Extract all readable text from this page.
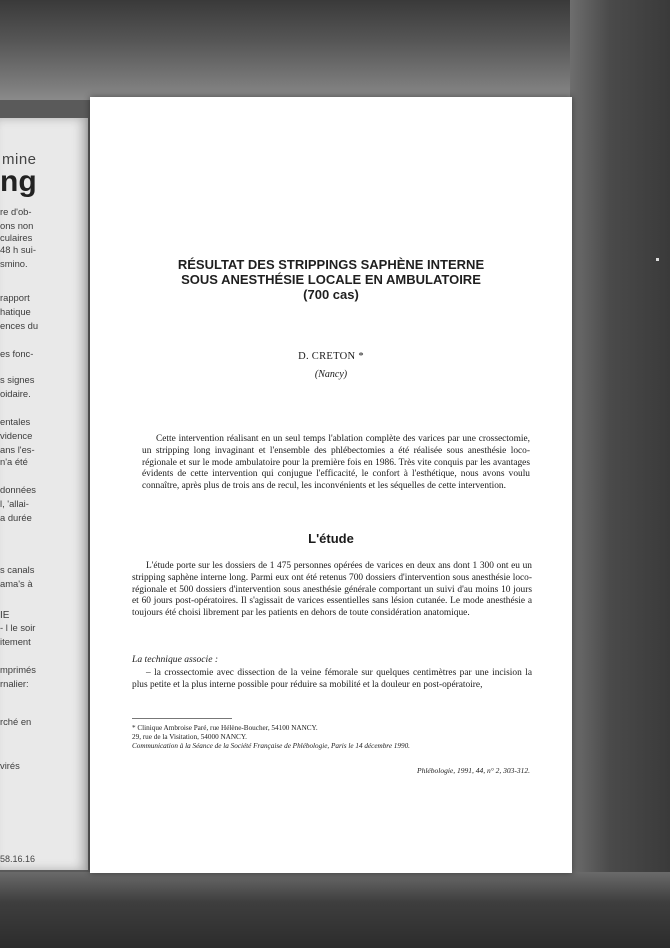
mine
ng
re d'ob-
ons non
culaires
48 h sui-
smino.
rapport
hatique
ences du
es fonc-
s signes
oidaire.
entales
vidence
ans l'es-
n'a été
données
l, 'allai-
a durée
s canals
ama's à
IE
- l le soir
itement
mprimés
rnalier:
rché en
virés
58.16.16
RÉSULTAT DES STRIPPINGS SAPHÈNE INTERNE
SOUS ANESTHÉSIE LOCALE EN AMBULATOIRE
(700 cas)
D. CRETON *
(Nancy)

Cette intervention réalisant en un seul temps l'ablation complète des varices par une crossectomie, un stripping long invaginant et l'ensemble des phlébectomies a été réalisée sous anesthésie loco-régionale et sur le mode ambulatoire pour la première fois en 1986. Très vite conquis par les avantages évidents de cette intervention qui conjugue l'efficacité, le confort à l'esthétique, nous avons voulu connaître, après plus de trois ans de recul, les inconvénients et les séquelles de cette intervention.

L'étude

L'étude porte sur les dossiers de 1 475 personnes opérées de varices en deux ans dont 1 300 ont eu un stripping saphène interne long. Parmi eux ont été retenus 700 dossiers d'intervention sous anesthésie loco-régionale et 500 dossiers d'intervention sous anesthésie générale comportant un suivi d'au moins 10 jours et 60 jours post-opératoires. Il s'agissait de varices essentielles sans lésion cutanée. Le mode anesthésie a toujours été choisi librement par les patients en dehors de toute considération anatomique.

La technique associe :

– la crossectomie avec dissection de la veine fémorale sur quelques centimètres par une incision la plus petite et la plus interne possible pour réduire sa mobilité et la douleur en post-opératoire,

* Clinique Ambroise Paré, rue Hélène-Boucher, 54100 NANCY.
29, rue de la Visitation, 54000 NANCY.
Communication à la Séance de la Société Française de Phlébologie, Paris le 14 décembre 1990.
Phlébologie, 1991, 44, n° 2, 303-312.
